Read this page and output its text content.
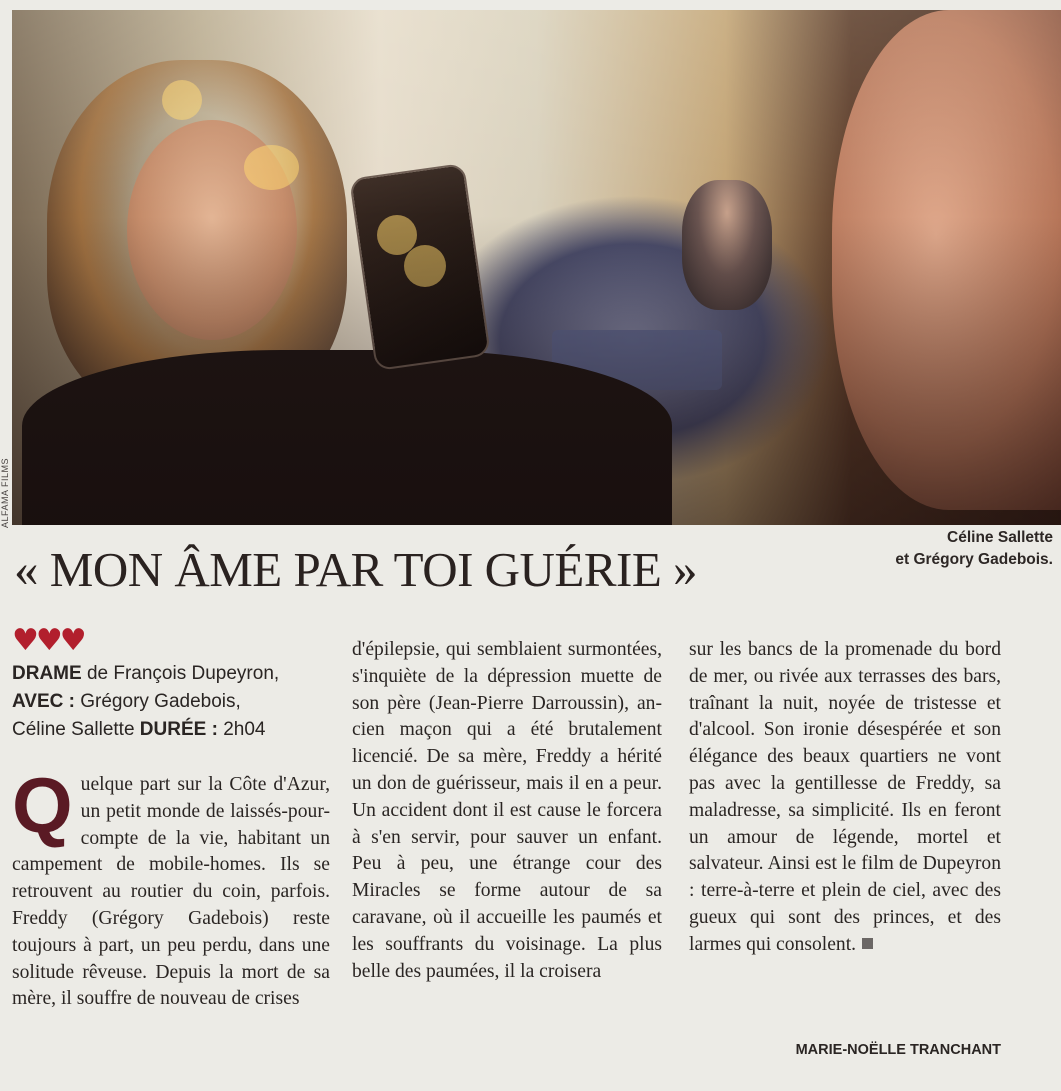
ALFAMA FILMS
Céline Sallette
et Grégory Gadebois.
« MON ÂME PAR TOI GUÉRIE »
♥♥♥
DRAME de François Dupeyron,
AVEC : Grégory Gadebois,
Céline Sallette DURÉE : 2h04
Quelque part sur la Côte d'Azur, un petit monde de laissés-pour-compte de la vie, habitant un campement de mobile-homes. Ils se retrouvent au routier du coin, parfois. Freddy (Grégory Gadebois) reste toujours à part, un peu perdu, dans une solitude rêveuse. Depuis la mort de sa mère, il souffre de nouveau de crises
d'épilepsie, qui semblaient surmontées, s'inquiète de la dépression muette de son père (Jean-Pierre Darroussin), ancien maçon qui a été brutalement licencié. De sa mère, Freddy a hérité un don de guérisseur, mais il en a peur. Un accident dont il est cause le forcera à s'en servir, pour sauver un enfant. Peu à peu, une étrange cour des Miracles se forme autour de sa caravane, où il accueille les paumés et les souffrants du voisinage. La plus belle des paumées, il la croisera
sur les bancs de la promenade du bord de mer, ou rivée aux terrasses des bars, traînant la nuit, noyée de tristesse et d'alcool. Son ironie désespérée et son élégance des beaux quartiers ne vont pas avec la gentillesse de Freddy, sa maladresse, sa simplicité. Ils en feront un amour de légende, mortel et salvateur. Ainsi est le film de Dupeyron : terre-à-terre et plein de ciel, avec des gueux qui sont des princes, et des larmes qui consolent.
MARIE-NOËLLE TRANCHANT
